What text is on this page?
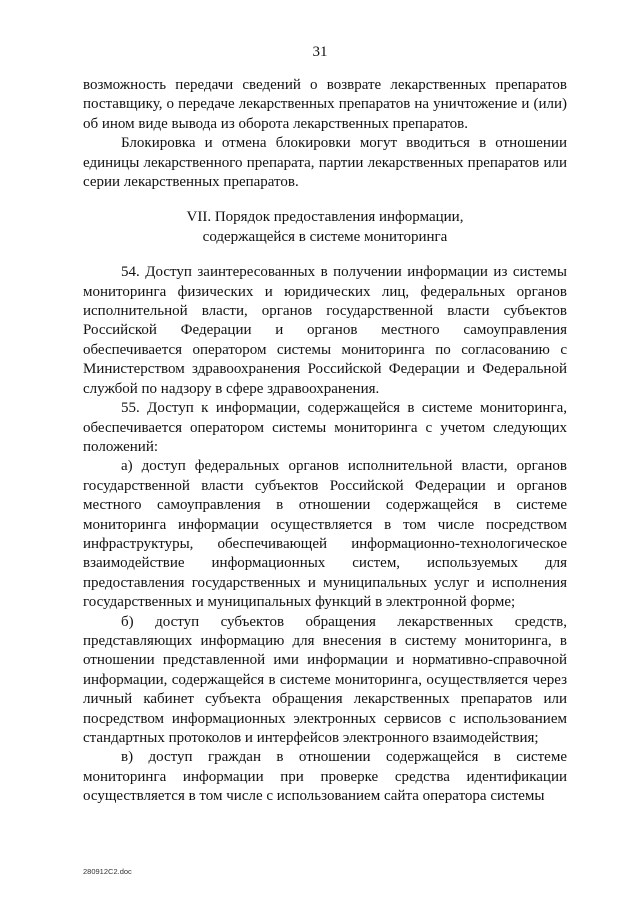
31

возможность передачи сведений о возврате лекарственных препаратов поставщику, о передаче лекарственных препаратов на уничтожение и (или) об ином виде вывода из оборота лекарственных препаратов.

Блокировка и отмена блокировки могут вводиться в отношении единицы лекарственного препарата, партии лекарственных препаратов или серии лекарственных препаратов.

VII. Порядок предоставления информации,
содержащейся в системе мониторинга

54. Доступ заинтересованных в получении информации из системы мониторинга физических и юридических лиц, федеральных органов исполнительной власти, органов государственной власти субъектов Российской Федерации и органов местного самоуправления обеспечивается оператором системы мониторинга по согласованию с Министерством здравоохранения Российской Федерации и Федеральной службой по надзору в сфере здравоохранения.

55. Доступ к информации, содержащейся в системе мониторинга, обеспечивается оператором системы мониторинга с учетом следующих положений:

а) доступ федеральных органов исполнительной власти, органов государственной власти субъектов Российской Федерации и органов местного самоуправления в отношении содержащейся в системе мониторинга информации осуществляется в том числе посредством инфраструктуры, обеспечивающей информационно-технологическое взаимодействие информационных систем, используемых для предоставления государственных и муниципальных услуг и исполнения государственных и муниципальных функций в электронной форме;

б) доступ субъектов обращения лекарственных средств, представляющих информацию для внесения в систему мониторинга, в отношении представленной ими информации и нормативно-справочной информации, содержащейся в системе мониторинга, осуществляется через личный кабинет субъекта обращения лекарственных препаратов или посредством информационных электронных сервисов с использованием стандартных протоколов и интерфейсов электронного взаимодействия;

в) доступ граждан в отношении содержащейся в системе мониторинга информации при проверке средства идентификации осуществляется в том числе с использованием сайта оператора системы

280912C2.doc
